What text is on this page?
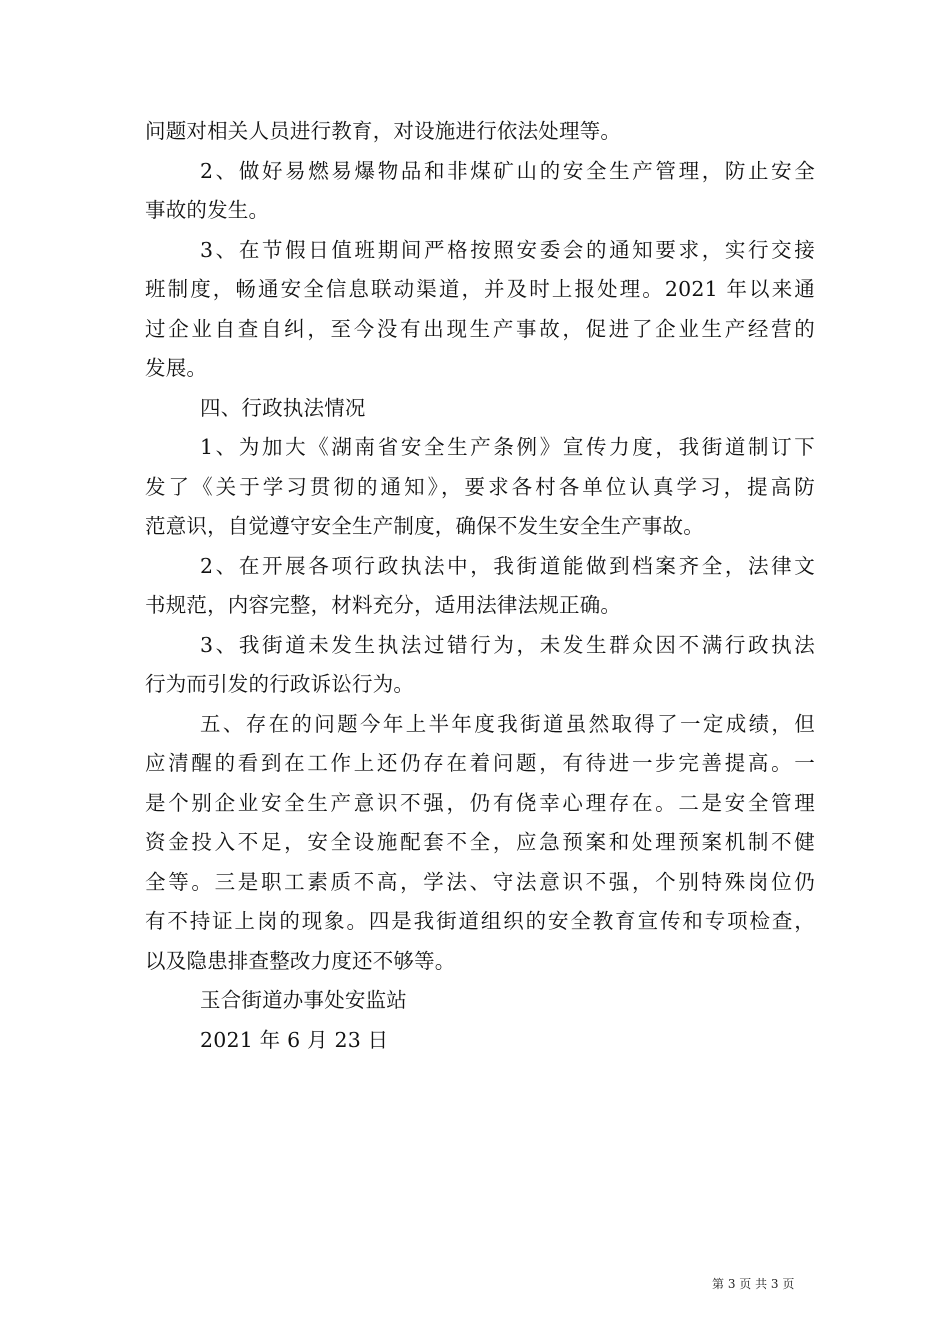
问题对相关人员进行教育，对设施进行依法处理等。
2、做好易燃易爆物品和非煤矿山的安全生产管理，防止安全
事故的发生。
3、在节假日值班期间严格按照安委会的通知要求，实行交接
班制度，畅通安全信息联动渠道，并及时上报处理。2021 年以来通
过企业自查自纠，至今没有出现生产事故，促进了企业生产经营的
发展。
四、行政执法情况
1、为加大《湖南省安全生产条例》宣传力度，我街道制订下
发了《关于学习贯彻的通知》，要求各村各单位认真学习，提高防
范意识，自觉遵守安全生产制度，确保不发生安全生产事故。
2、在开展各项行政执法中，我街道能做到档案齐全，法律文
书规范，内容完整，材料充分，适用法律法规正确。
3、我街道未发生执法过错行为，未发生群众因不满行政执法
行为而引发的行政诉讼行为。
五、存在的问题今年上半年度我街道虽然取得了一定成绩，但
应清醒的看到在工作上还仍存在着问题，有待进一步完善提高。一
是个别企业安全生产意识不强，仍有侥幸心理存在。二是安全管理
资金投入不足，安全设施配套不全，应急预案和处理预案机制不健
全等。三是职工素质不高，学法、守法意识不强，个别特殊岗位仍
有不持证上岗的现象。四是我街道组织的安全教育宣传和专项检查，
以及隐患排查整改力度还不够等。
玉合街道办事处安监站
2021 年 6 月 23 日
第 3 页 共 3 页
